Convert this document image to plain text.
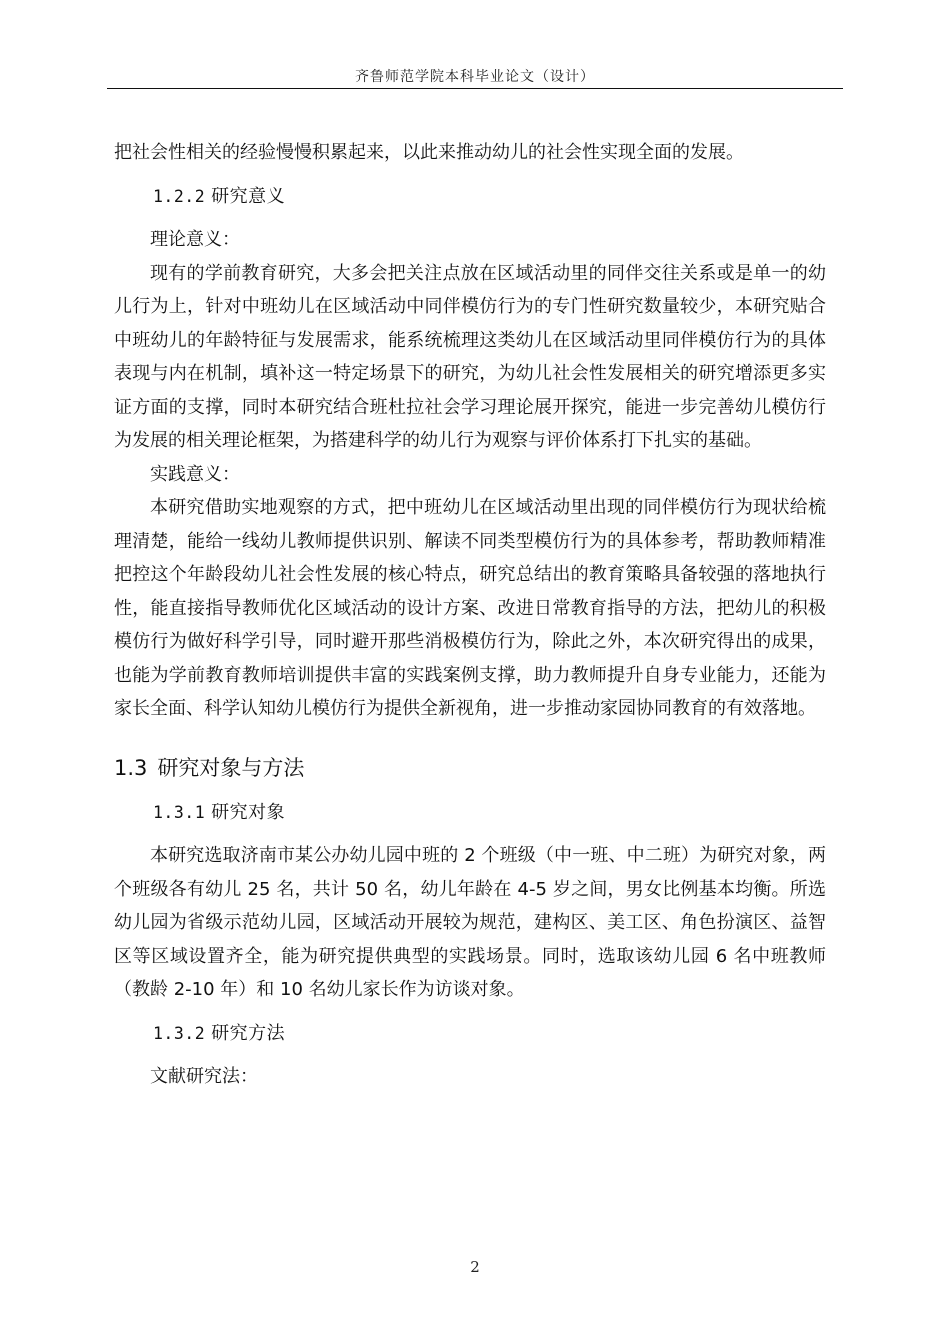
齐鲁师范学院本科毕业论文（设计）

把社会性相关的经验慢慢积累起来，以此来推动幼儿的社会性实现全面的发展。

1.2.2 研究意义

理论意义：

现有的学前教育研究，大多会把关注点放在区域活动里的同伴交往关系或是单一的幼儿行为上，针对中班幼儿在区域活动中同伴模仿行为的专门性研究数量较少，本研究贴合中班幼儿的年龄特征与发展需求，能系统梳理这类幼儿在区域活动里同伴模仿行为的具体表现与内在机制，填补这一特定场景下的研究，为幼儿社会性发展相关的研究增添更多实证方面的支撑，同时本研究结合班杜拉社会学习理论展开探究，能进一步完善幼儿模仿行为发展的相关理论框架，为搭建科学的幼儿行为观察与评价体系打下扎实的基础。

实践意义：

本研究借助实地观察的方式，把中班幼儿在区域活动里出现的同伴模仿行为现状给梳理清楚，能给一线幼儿教师提供识别、解读不同类型模仿行为的具体参考，帮助教师精准把控这个年龄段幼儿社会性发展的核心特点，研究总结出的教育策略具备较强的落地执行性，能直接指导教师优化区域活动的设计方案、改进日常教育指导的方法，把幼儿的积极模仿行为做好科学引导，同时避开那些消极模仿行为，除此之外，本次研究得出的成果，也能为学前教育教师培训提供丰富的实践案例支撑，助力教师提升自身专业能力，还能为家长全面、科学认知幼儿模仿行为提供全新视角，进一步推动家园协同教育的有效落地。

1.3 研究对象与方法

1.3.1 研究对象

本研究选取济南市某公办幼儿园中班的 2 个班级（中一班、中二班）为研究对象，两个班级各有幼儿 25 名，共计 50 名，幼儿年龄在 4-5 岁之间，男女比例基本均衡。所选幼儿园为省级示范幼儿园，区域活动开展较为规范，建构区、美工区、角色扮演区、益智区等区域设置齐全，能为研究提供典型的实践场景。同时，选取该幼儿园 6 名中班教师（教龄 2-10 年）和 10 名幼儿家长作为访谈对象。

1.3.2 研究方法

文献研究法：

2
